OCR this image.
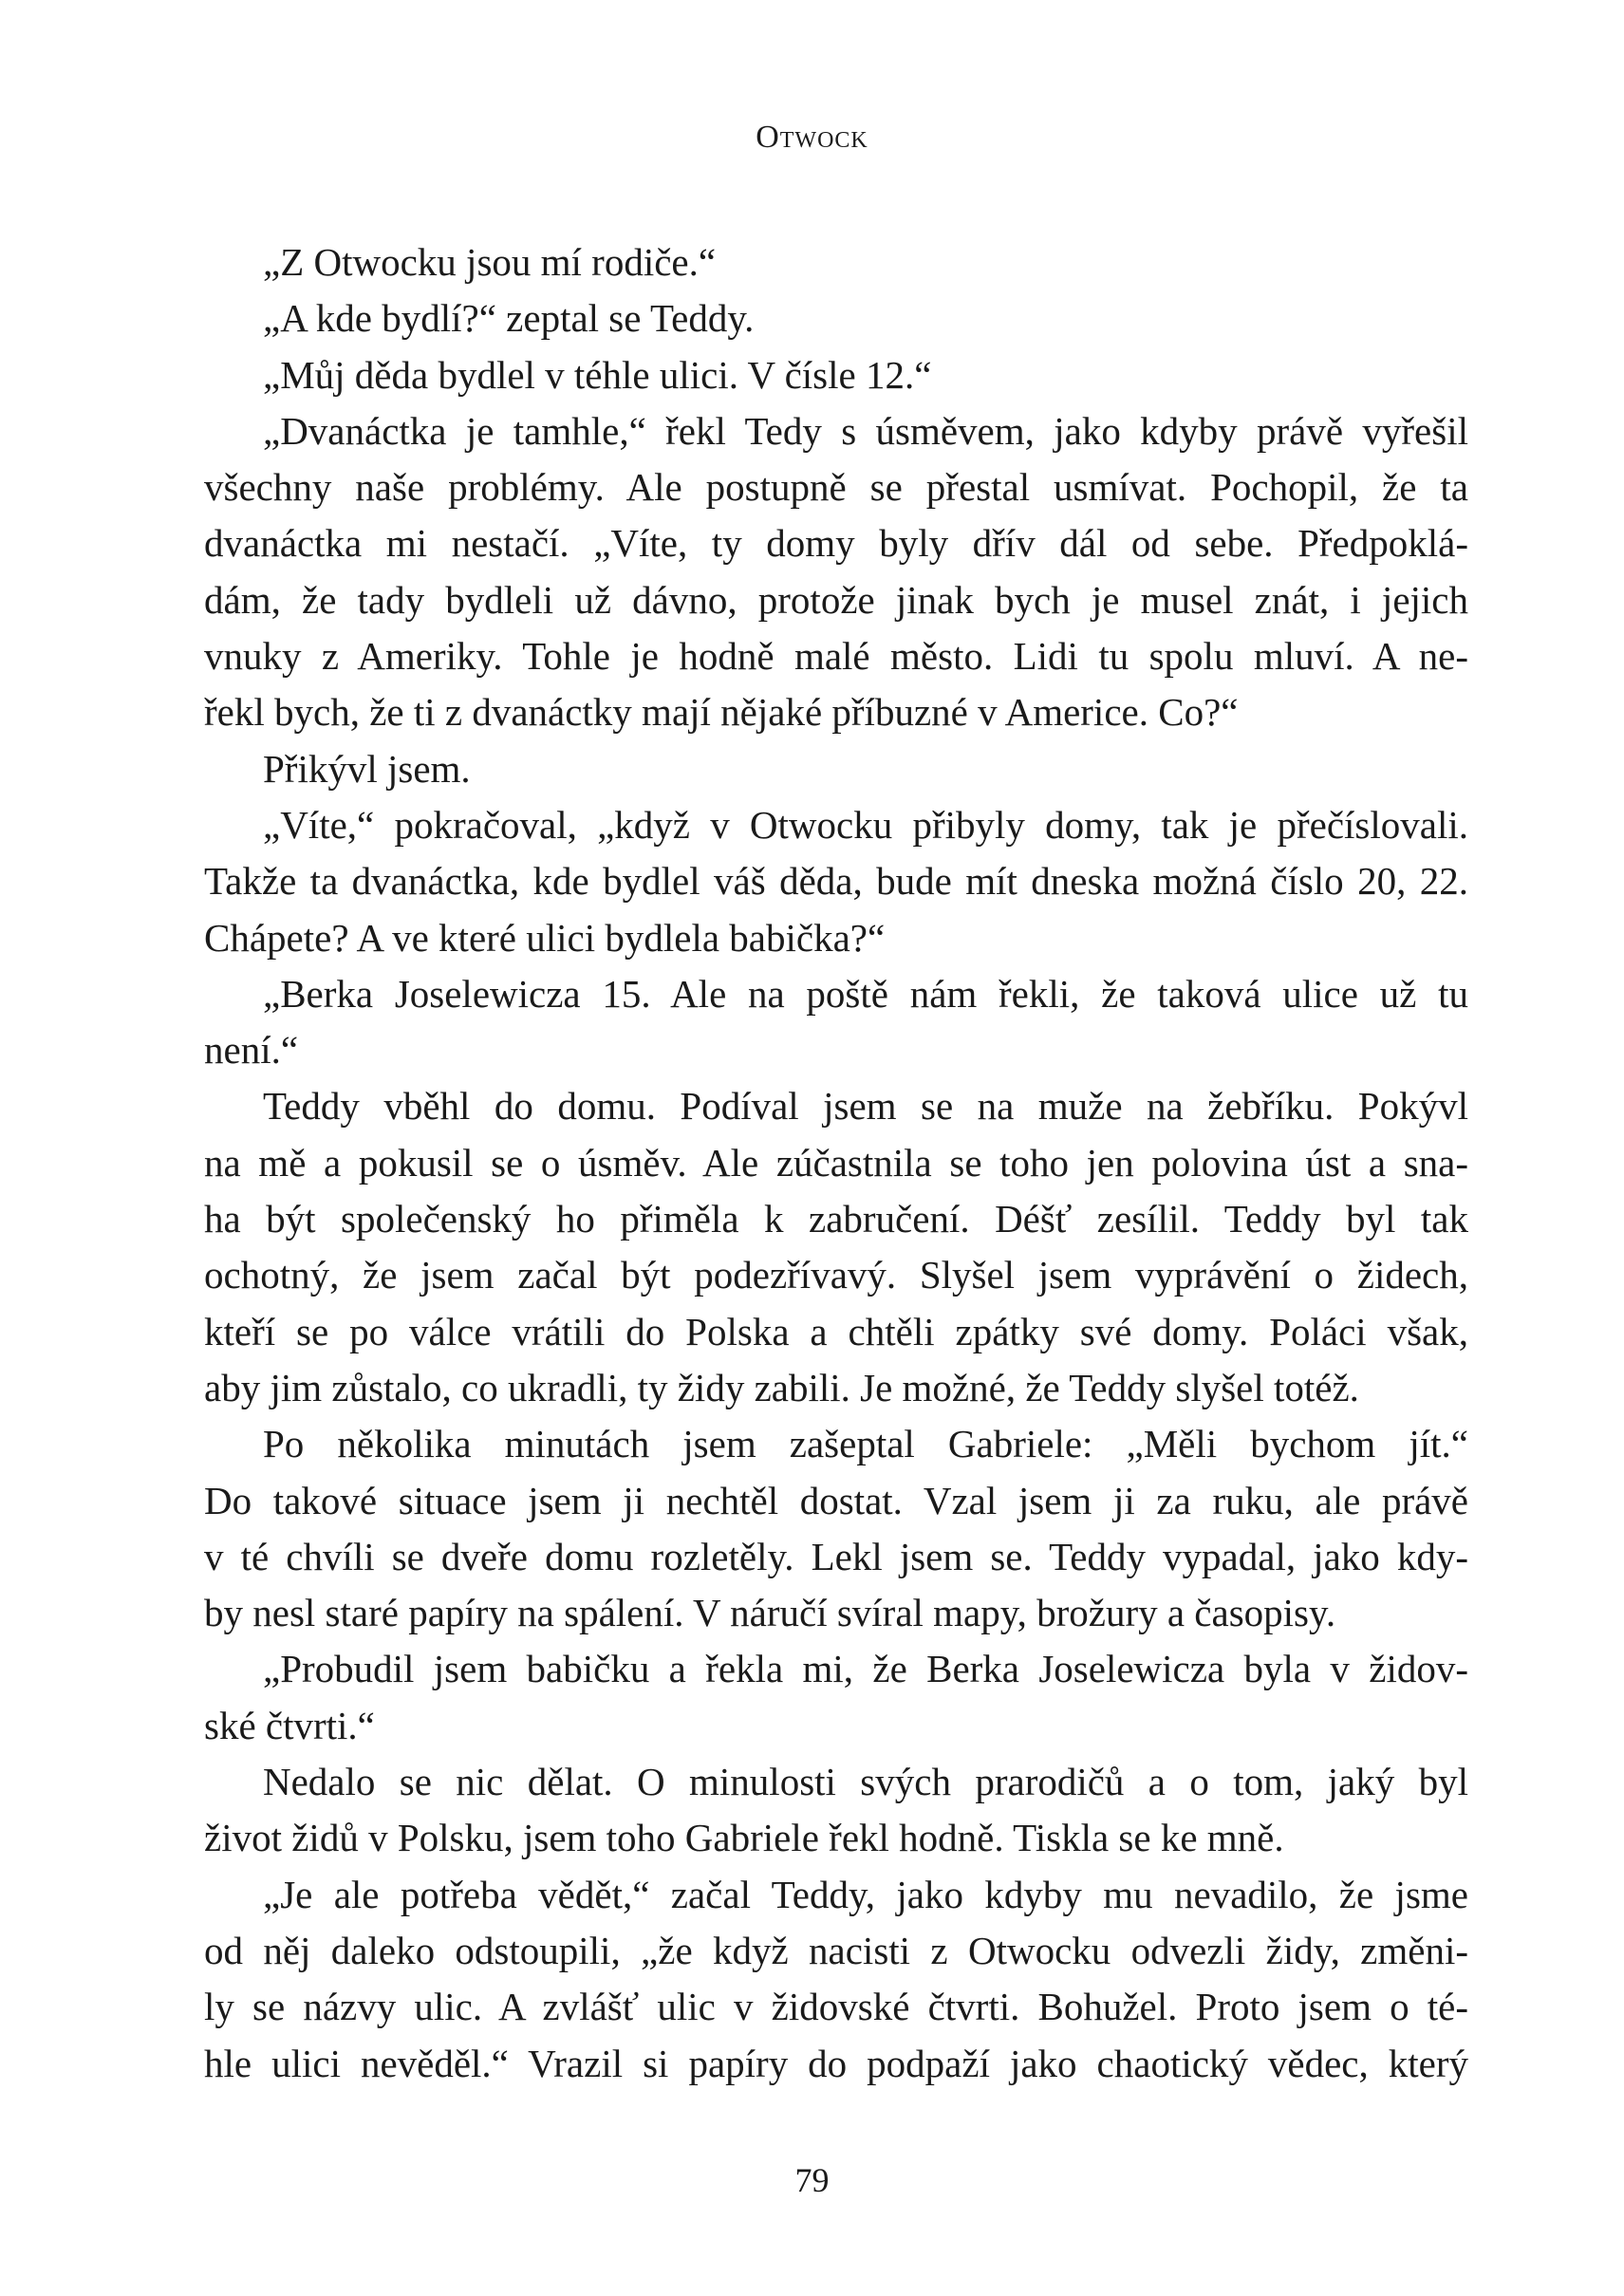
Otwock
„Z Otwocku jsou mí rodiče.“
„A kde bydlí?“ zeptal se Teddy.
„Můj děda bydlel v téhle ulici. V čísle 12.“
„Dvanáctka je tamhle,“ řekl Tedy s úsměvem, jako kdyby právě vyřešil
všechny naše problémy. Ale postupně se přestal usmívat. Pochopil, že ta
dvanáctka mi nestačí. „Víte, ty domy byly dřív dál od sebe. Předpoklá-
dám, že tady bydleli už dávno, protože jinak bych je musel znát, i jejich
vnuky z Ameriky. Tohle je hodně malé město. Lidi tu spolu mluví. A ne-
řekl bych, že ti z dvanáctky mají nějaké příbuzné v Americe. Co?“
Přikývl jsem.
„Víte,“ pokračoval, „když v Otwocku přibyly domy, tak je přečíslovali.
Takže ta dvanáctka, kde bydlel váš děda, bude mít dneska možná číslo 20, 22.
Chápete? A ve které ulici bydlela babička?“
„Berka Joselewicza 15. Ale na poště nám řekli, že taková ulice už tu
není.“
Teddy vběhl do domu. Podíval jsem se na muže na žebříku. Pokývl
na mě a pokusil se o úsměv. Ale zúčastnila se toho jen polovina úst a sna-
ha být společenský ho přiměla k zabručení. Déšť zesílil. Teddy byl tak
ochotný, že jsem začal být podezřívavý. Slyšel jsem vyprávění o židech,
kteří se po válce vrátili do Polska a chtěli zpátky své domy. Poláci však,
aby jim zůstalo, co ukradli, ty židy zabili. Je možné, že Teddy slyšel totéž.
Po několika minutách jsem zašeptal Gabriele: „Měli bychom jít.“
Do takové situace jsem ji nechtěl dostat. Vzal jsem ji za ruku, ale právě
v té chvíli se dveře domu rozletěly. Lekl jsem se. Teddy vypadal, jako kdy-
by nesl staré papíry na spálení. V náručí svíral mapy, brožury a časopisy.
„Probudil jsem babičku a řekla mi, že Berka Joselewicza byla v židov-
ské čtvrti.“
Nedalo se nic dělat. O minulosti svých prarodičů a o tom, jaký byl
život židů v Polsku, jsem toho Gabriele řekl hodně. Tiskla se ke mně.
„Je ale potřeba vědět,“ začal Teddy, jako kdyby mu nevadilo, že jsme
od něj daleko odstoupili, „že když nacisti z Otwocku odvezli židy, změni-
ly se názvy ulic. A zvlášť ulic v židovské čtvrti. Bohužel. Proto jsem o té-
hle ulici nevěděl.“ Vrazil si papíry do podpaží jako chaotický vědec, který
79
